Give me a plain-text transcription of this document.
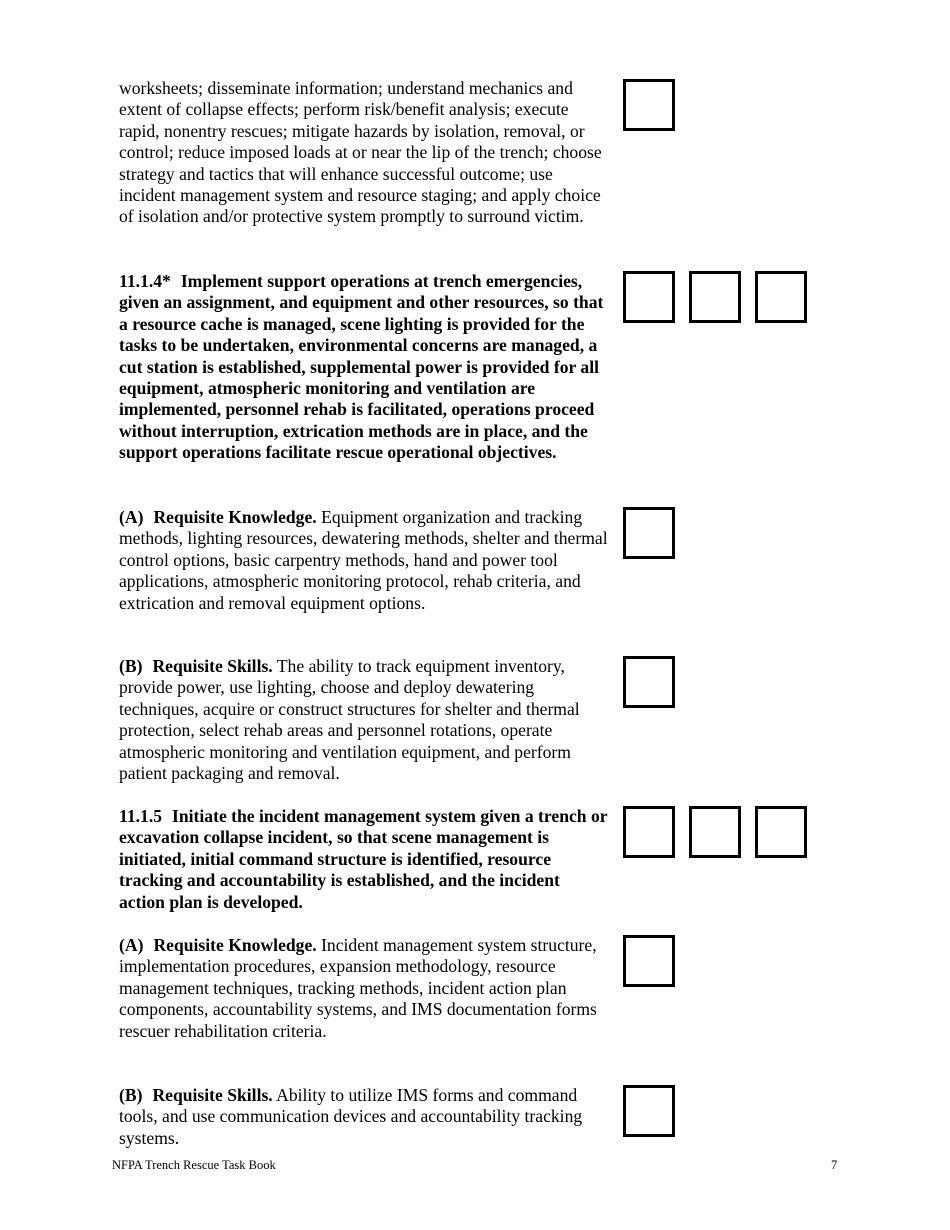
worksheets; disseminate information; understand mechanics and extent of collapse effects; perform risk/benefit analysis; execute rapid, nonentry rescues; mitigate hazards by isolation, removal, or control; reduce imposed loads at or near the lip of the trench; choose strategy and tactics that will enhance successful outcome; use incident management system and resource staging; and apply choice of isolation and/or protective system promptly to surround victim.

11.1.4* Implement support operations at trench emergencies, given an assignment, and equipment and other resources, so that a resource cache is managed, scene lighting is provided for the tasks to be undertaken, environmental concerns are managed, a cut station is established, supplemental power is provided for all equipment, atmospheric monitoring and ventilation are implemented, personnel rehab is facilitated, operations proceed without interruption, extrication methods are in place, and the support operations facilitate rescue operational objectives.

(A) Requisite Knowledge. Equipment organization and tracking methods, lighting resources, dewatering methods, shelter and thermal control options, basic carpentry methods, hand and power tool applications, atmospheric monitoring protocol, rehab criteria, and extrication and removal equipment options.

(B) Requisite Skills. The ability to track equipment inventory, provide power, use lighting, choose and deploy dewatering techniques, acquire or construct structures for shelter and thermal protection, select rehab areas and personnel rotations, operate atmospheric monitoring and ventilation equipment, and perform patient packaging and removal.

11.1.5 Initiate the incident management system given a trench or excavation collapse incident, so that scene management is initiated, initial command structure is identified, resource tracking and accountability is established, and the incident action plan is developed.

(A) Requisite Knowledge. Incident management system structure, implementation procedures, expansion methodology, resource management techniques, tracking methods, incident action plan components, accountability systems, and IMS documentation forms rescuer rehabilitation criteria.

(B) Requisite Skills. Ability to utilize IMS forms and command tools, and use communication devices and accountability tracking systems.

NFPA Trench Rescue Task Book	7
